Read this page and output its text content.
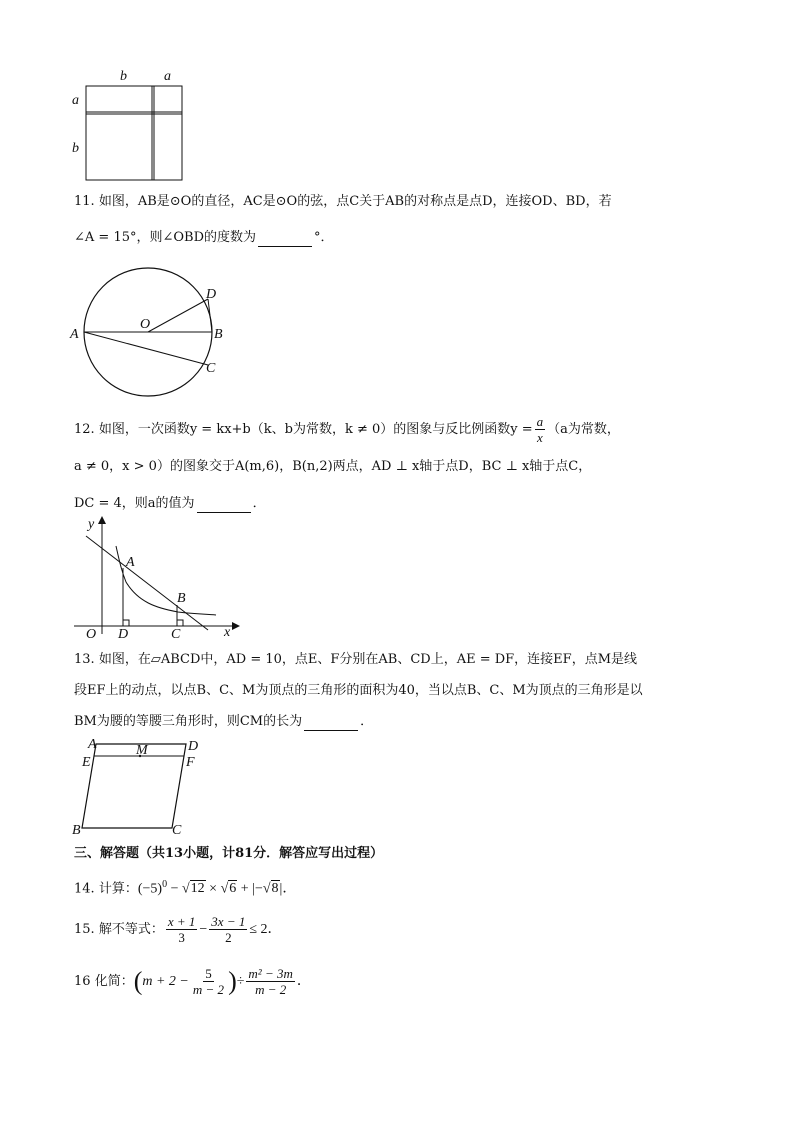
b	a
a
b
11. 如图，AB是⊙O的直径，AC是⊙O的弦，点C关于AB的对称点是点D，连接OD、BD，若
∠A = 15°，则∠OBD的度数为	°．
A	B
O
D
C
12. 如图，一次函数y = kx+b（k、b为常数，k ≠ 0）的图象与反比例函数$y = \frac{a}{x} (a$为常数，
a ≠ 0，x > 0）的图象交于A(m,6)，B(n,2)两点，AD ⊥ x轴于点D，BC ⊥ x轴于点C，
DC = 4，则a的值为	．
y
x
O
A
B
D	C
13. 如图，在▱ABCD中，AD = 10，点E、F分别在AB、CD上，AE = DF，连接EF，点M是线
段EF上的动点，以点B、C、M为顶点的三角形的面积为40，当以点B、C、M为顶点的三角形是以
BM为腰的等腰三角形时，则CM的长为	．
A	D
M
E	F
B	C
三、解答题（共13小题，计81分．解答应写出过程）
14. 计算：$(-5)^0 - √12 \times √6 + |-√8|$．
15. 解不等式： $\frac{x + 1}{3} - \frac{3x - 1}{2} \le 2$．
16 化简：($m + 2 - \frac{5}{m - 2}$ )÷ $\frac{\text{m² − 3m}}{m - 2}$ ．
